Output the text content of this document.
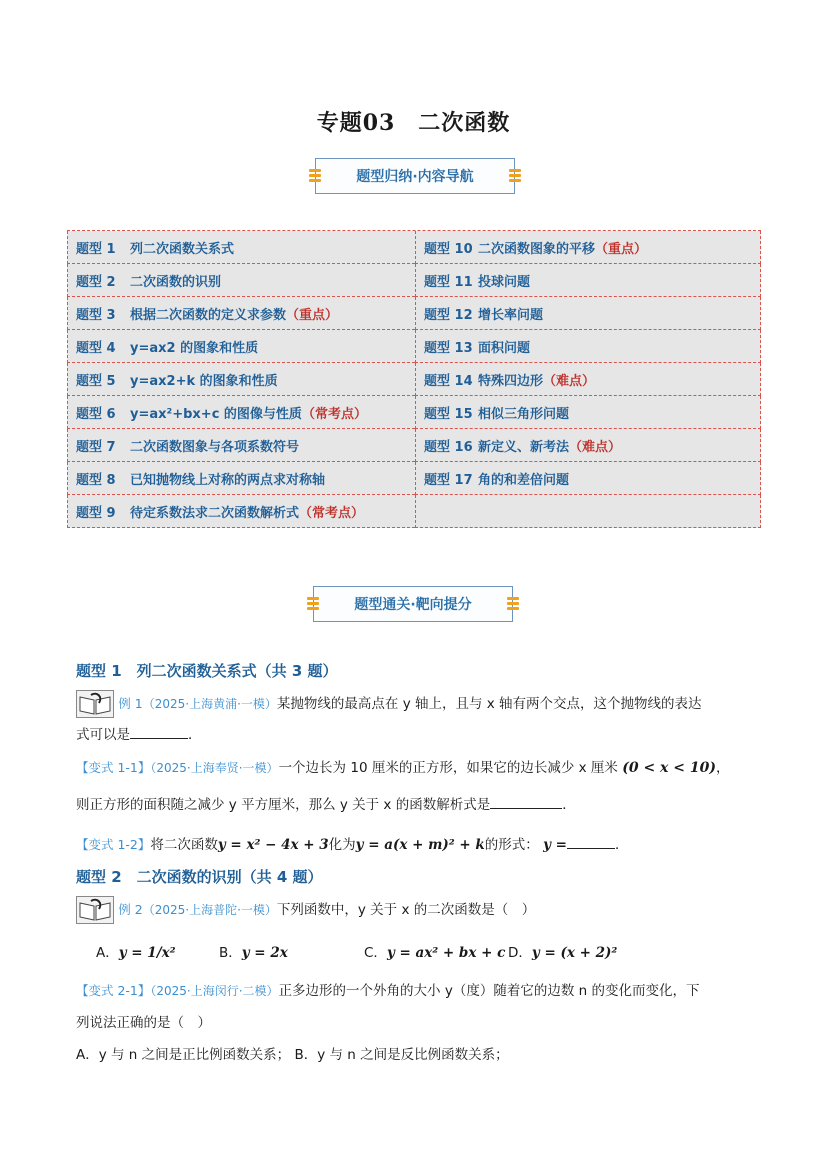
专题03　二次函数
题型归纳·内容导航
题型 1	列二次函数关系式	题型 10 二次函数图象的平移 （重点）
题型 2	二次函数的识别	题型 11 投球问题
题型 3	根据二次函数的定义求参数 （重点）	题型 12 增长率问题
题型 4	y=ax2 的图象和性质	题型 13 面积问题
题型 5	y=ax2+k 的图象和性质	题型 14 特殊四边形 （难点）
题型 6	y=ax²+bx+c 的图像与性质 （常考点）	题型 15 相似三角形问题
题型 7	二次函数图象与各项系数符号	题型 16 新定义、新考法 （难点）
题型 8	已知抛物线上对称的两点求对称轴	题型 17 角的和差倍问题
题型 9	待定系数法求二次函数解析式 （常考点）
题型通关·靶向提分
题型 1　列二次函数关系式（共 3 题）
例 1（2025·上海黄浦·一模）某抛物线的最高点在 y 轴上，且与 x 轴有两个交点，这个抛物线的表达
式可以是	．
【变式 1-1】（2025·上海奉贤·一模）一个边长为 10 厘米的正方形，如果它的边长减少 x 厘米 (0 < x < 10)，
则正方形的面积随之减少 y 平方厘米，那么 y 关于 x 的函数解析式是	．
【变式 1-2】将二次函数y = x² − 4x + 3化为y = a(x + m)² + k的形式： y =	．
题型 2　二次函数的识别（共 4 题）
例 2（2025·上海普陀·一模）下列函数中，y 关于 x 的二次函数是（　）
A．y = 1/x²	B．y = 2x	C．y = ax² + bx + c D．y = (x + 2)²
【变式 2-1】（2025·上海闵行·二模）正多边形的一个外角的大小 y（度）随着它的边数 n 的变化而变化，下
列说法正确的是（　）
A．y 与 n 之间是正比例函数关系； B．y 与 n 之间是反比例函数关系；
